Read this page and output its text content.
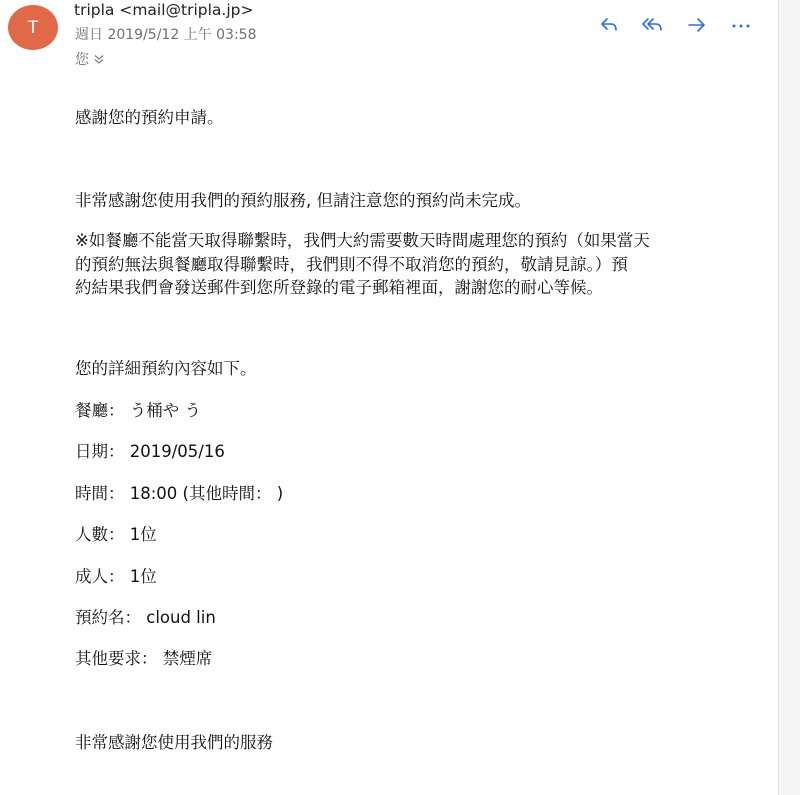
T
tripla <mail@tripla.jp>
週日 2019/5/12 上午 03:58
您
感謝您的預約申請。
非常感謝您使用我們的預約服務, 但請注意您的預約尚未完成。
※如餐廳不能當天取得聯繫時，我們大約需要數天時間處理您的預約（如果當天
的預約無法與餐廳取得聯繫時，我們則不得不取消您的預約，敬請見諒。）預
約結果我們會發送郵件到您所登錄的電子郵箱裡面，謝謝您的耐心等候。
您的詳細預約內容如下。
餐廳： う桶や う
日期： 2019/05/16
時間： 18:00 (其他時間： )
人數： 1位
成人： 1位
預約名： cloud lin
其他要求： 禁煙席
非常感謝您使用我們的服務
